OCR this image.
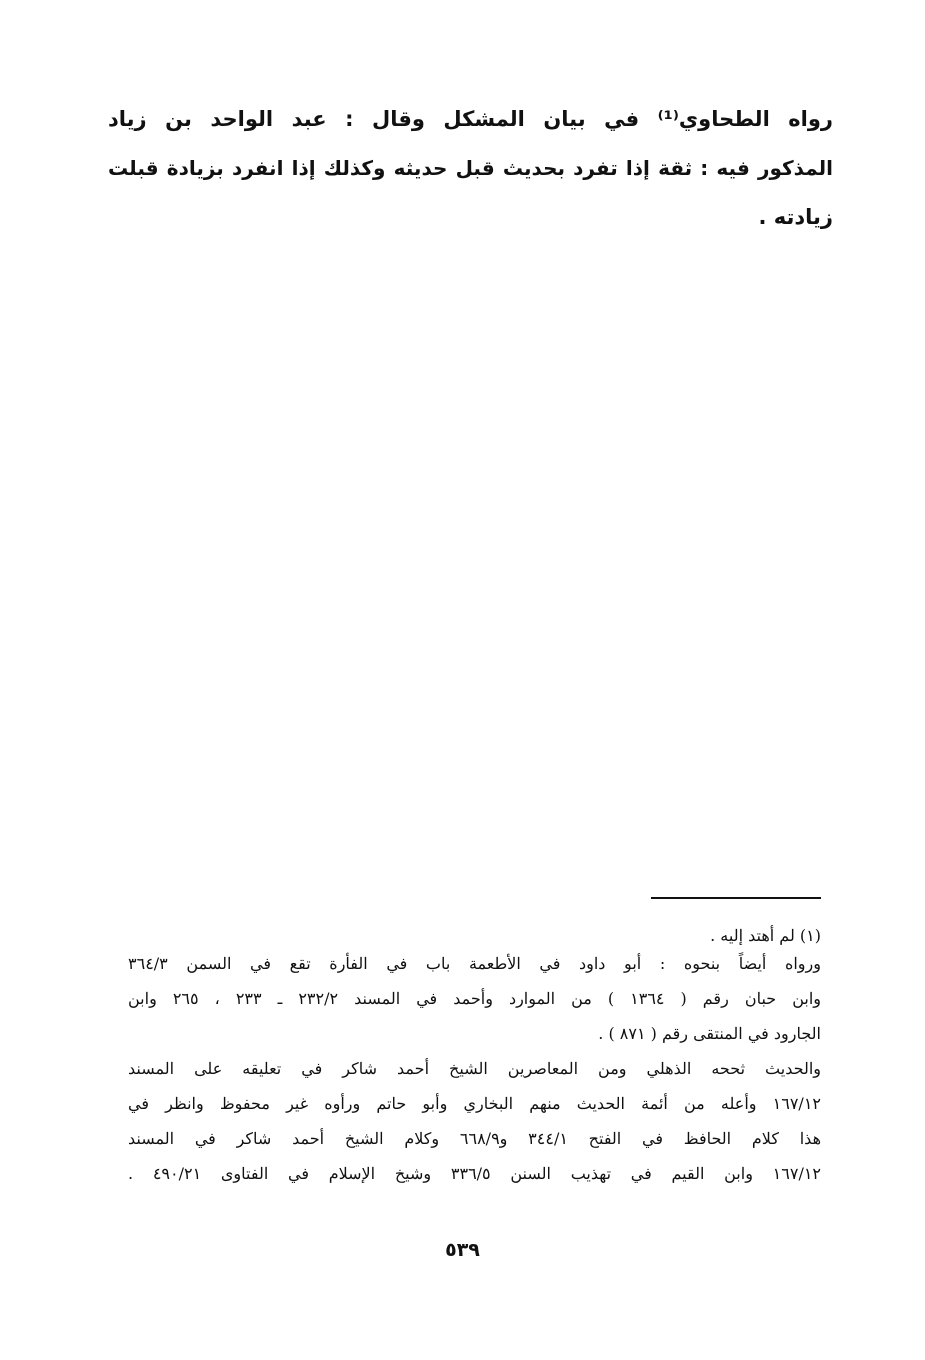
رواه الطحاوي⁽¹⁾ في بيان المشكل وقال : عبد الواحد بن زياد
المذكور فيه : ثقة إذا تفرد بحديث قبل حديثه وكذلك إذا انفرد بزيادة قبلت
زيادته .
(١) لم أهتد إليه .
ورواه أيضاً بنحوه : أبو داود في الأطعمة باب في الفأرة تقع في السمن ٣٦٤/٣
وابن حبان رقم ( ١٣٦٤ ) من الموارد وأحمد في المسند ٢٣٢/٢ ـ ٢٣٣ ، ٢٦٥ وابن
الجارود في المنتقى رقم ( ٨٧١ ) .
والحديث ثححه الذهلي ومن المعاصرين الشيخ أحمد شاكر في تعليقه على المسند
١٦٧/١٢ وأعله من أئمة الحديث منهم البخاري وأبو حاتم ورأوه غير محفوظ وانظر في
هذا كلام الحافظ في الفتح ٣٤٤/١ و٦٦٨/٩ وكلام الشيخ أحمد شاكر في المسند
١٦٧/١٢ وابن القيم في تهذيب السنن ٣٣٦/٥ وشيخ الإسلام في الفتاوى ٤٩٠/٢١ .
٥٣٩
